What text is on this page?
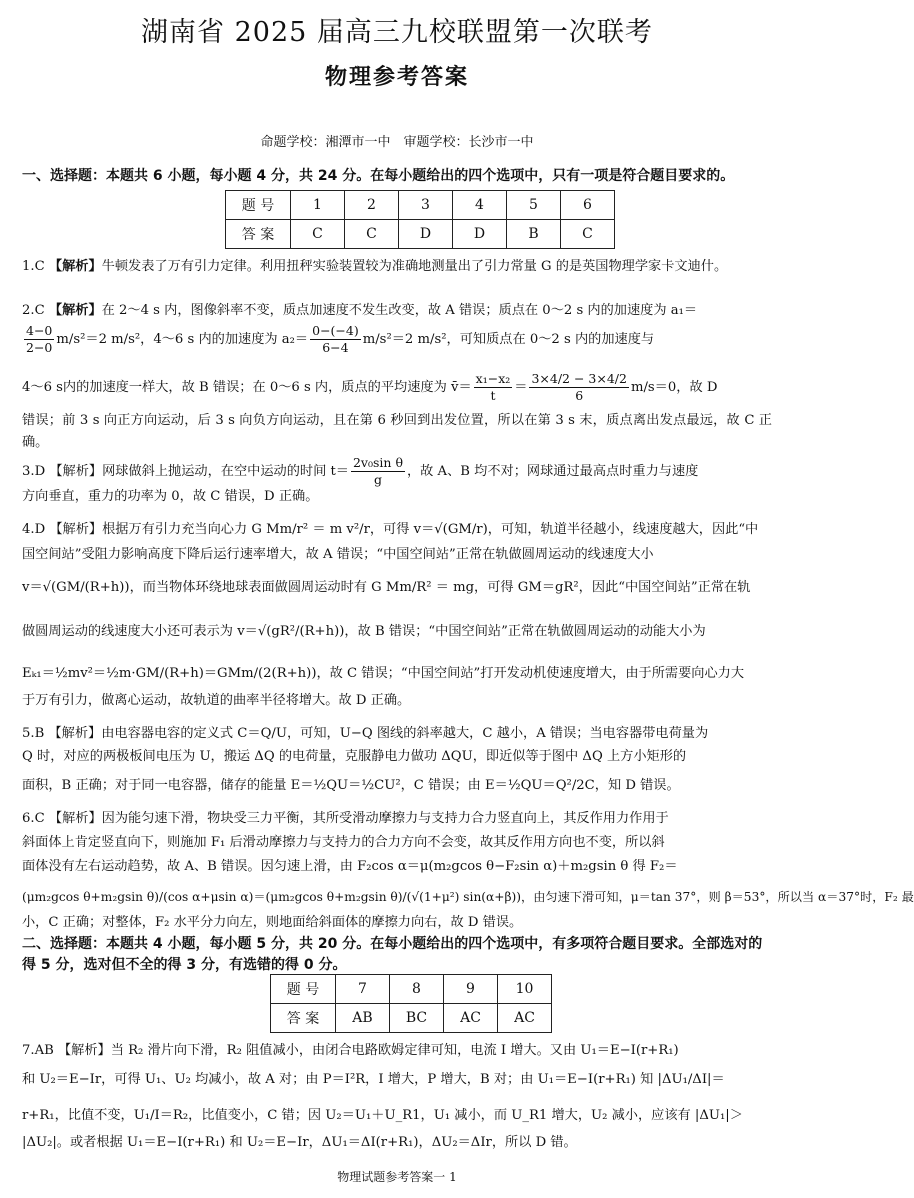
湖南省 2025 届高三九校联盟第一次联考
物理参考答案
命题学校：湘潭市一中　审题学校：长沙市一中
一、选择题：本题共 6 小题，每小题 4 分，共 24 分。在每小题给出的四个选项中，只有一项是符合题目要求的。
题 号	1	2	3	4	5	6
答 案	C	C	D	D	B	C
1.C 【解析】牛顿发表了万有引力定律。利用扭秤实验装置较为准确地测量出了引力常量 G 的是英国物理学家卡文迪什。
2.C 【解析】在 2～4 s 内，图像斜率不变，质点加速度不发生改变，故 A 错误；质点在 0～2 s 内的加速度为 a₁＝
$\frac{4-0}{2-0} m/s^2=2$ m/s²，4～6 s 内的加速度为 $a_2= \frac{0-(-4)}{6-4} m/s^2=2$ m/s²，可知质点在 0～2 s 内的加速度与
4～6 s内的加速度一样大，故 B 错误；在 0～6 s 内，质点的平均速度为 v̄＝ $\frac{\text{x₁−x₂}}{t} = \frac{3\times 4/2 - 3\times 4/2}{6} m/s=0$，故 D
错误；前 3 s 向正方向运动，后 3 s 向负方向运动，且在第 6 秒回到出发位置，所以在第 3 s 末，质点离出发点最远，故 C 正确。
3.D 【解析】网球做斜上抛运动，在空中运动的时间 $t= \frac{\text{2v₀sin θ}}{g}$ ，故 A、B 均不对；网球通过最高点时重力与速度
方向垂直，重力的功率为 0，故 C 错误，D 正确。
4.D 【解析】根据万有引力充当向心力 G Mm/r² ＝ m v²/r，可得 v＝√(GM/r)，可知，轨道半径越小，线速度越大，因此“中
国空间站”受阻力影响高度下降后运行速率增大，故 A 错误；“中国空间站”正常在轨做圆周运动的线速度大小
v＝√(GM/(R+h))，而当物体环绕地球表面做圆周运动时有 G Mm/R² ＝ mg，可得 GM＝gR²，因此“中国空间站”正常在轨
做圆周运动的线速度大小还可表示为 v＝√(gR²/(R+h))，故 B 错误；“中国空间站”正常在轨做圆周运动的动能大小为
Eₖ₁＝½mv²＝½m·GM/(R+h)＝GMm/(2(R+h))，故 C 错误；“中国空间站”打开发动机使速度增大，由于所需要向心力大
于万有引力，做离心运动，故轨道的曲率半径将增大。故 D 正确。
5.B 【解析】由电容器电容的定义式 C＝Q/U，可知，U−Q 图线的斜率越大，C 越小，A 错误；当电容器带电荷量为
Q 时，对应的两极板间电压为 U，搬运 ΔQ 的电荷量，克服静电力做功 ΔQU，即近似等于图中 ΔQ 上方小矩形的
面积，B 正确；对于同一电容器，储存的能量 E＝½QU＝½CU²，C 错误；由 E＝½QU＝Q²/2C，知 D 错误。
6.C 【解析】因为能匀速下滑，物块受三力平衡，其所受滑动摩擦力与支持力合力竖直向上，其反作用力作用于
斜面体上肯定竖直向下，则施加 F₁ 后滑动摩擦力与支持力的合力方向不会变，故其反作用方向也不变，所以斜
面体没有左右运动趋势，故 A、B 错误。因匀速上滑，由 F₂cos α＝μ(m₂gcos θ−F₂sin α)＋m₂gsin θ 得 F₂＝
(μm₂gcos θ+m₂gsin θ)/(cos α+μsin α)＝(μm₂gcos θ+m₂gsin θ)/(√(1+μ²) sin(α+β))，由匀速下滑可知，μ＝tan 37°，则 β＝53°，所以当 α＝37°时，F₂ 最
小，C 正确；对整体，F₂ 水平分力向左，则地面给斜面体的摩擦力向右，故 D 错误。
二、选择题：本题共 4 小题，每小题 5 分，共 20 分。在每小题给出的四个选项中，有多项符合题目要求。全部选对的得 5 分，选对但不全的得 3 分，有选错的得 0 分。
题 号	7	8	9	10
答 案	AB	BC	AC	AC
7.AB 【解析】当 R₂ 滑片向下滑，R₂ 阻值减小，由闭合电路欧姆定律可知，电流 I 增大。又由 U₁＝E−I(r+R₁)
和 U₂＝E−Ir，可得 U₁、U₂ 均减小，故 A 对；由 P＝I²R，I 增大，P 增大，B 对；由 U₁＝E−I(r+R₁) 知 |ΔU₁/ΔI|＝
r+R₁，比值不变，U₁/I＝R₂，比值变小，C 错；因 U₂＝U₁＋U_R1，U₁ 减小，而 U_R1 增大，U₂ 减小，应该有 |ΔU₁|＞
|ΔU₂|。或者根据 U₁＝E−I(r+R₁) 和 U₂＝E−Ir，ΔU₁＝ΔI(r+R₁)，ΔU₂＝ΔIr，所以 D 错。
物理试题参考答案一 1
